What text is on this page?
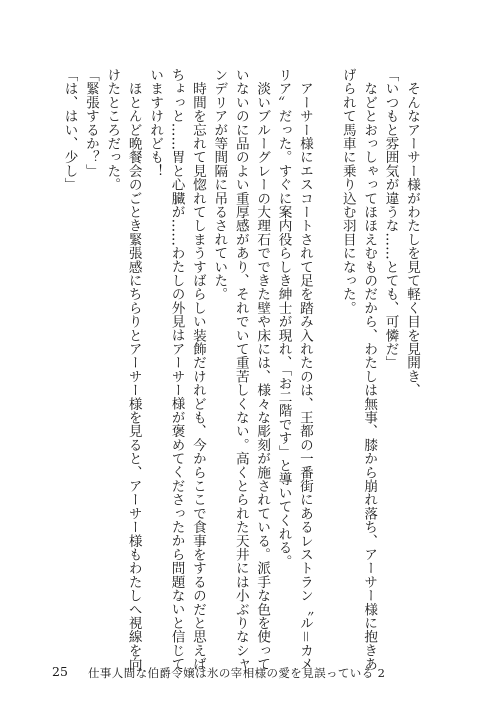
　そんなアーサー様がわたしを見て軽く目を見開き、
「いつもと雰囲気が違うな……とても、可憐だ」
　などとおっしゃってほほえむものだから、わたしは無事、膝から崩れ落ち、アーサー様に抱きあ
げられて馬車に乗り込む羽目になった。

　アーサー様にエスコートされて足を踏み入れたのは、王都の一番街にあるレストラン〝ル＝カメ
リア〟だった。すぐに案内役らしき紳士が現れ、「お二階です」と導いてくれる。
　淡いブルーグレーの大理石でできた壁や床には、様々な彫刻が施されている。派手な色を使って
いないのに品のよい重厚感があり、それでいて重苦しくない。高くとられた天井には小ぶりなシャ
ンデリアが等間隔に吊るされていた。
　時間を忘れて見惚れてしまうすばらしい装飾だけれども、今からここで食事をするのだと思えば
ちょっと……胃と心臓が……わたしの外見はアーサー様が褒めてくださったから問題ないと信じて
いますけれども！
　ほとんど晩餐会のごとき緊張感にちらりとアーサー様を見ると、アーサー様もわたしへ視線を向
けたところだった。
「緊張するか？」
「は、はい、少し」
25 仕事人間な伯爵令嬢は氷の宰相様の愛を見誤っている 2
